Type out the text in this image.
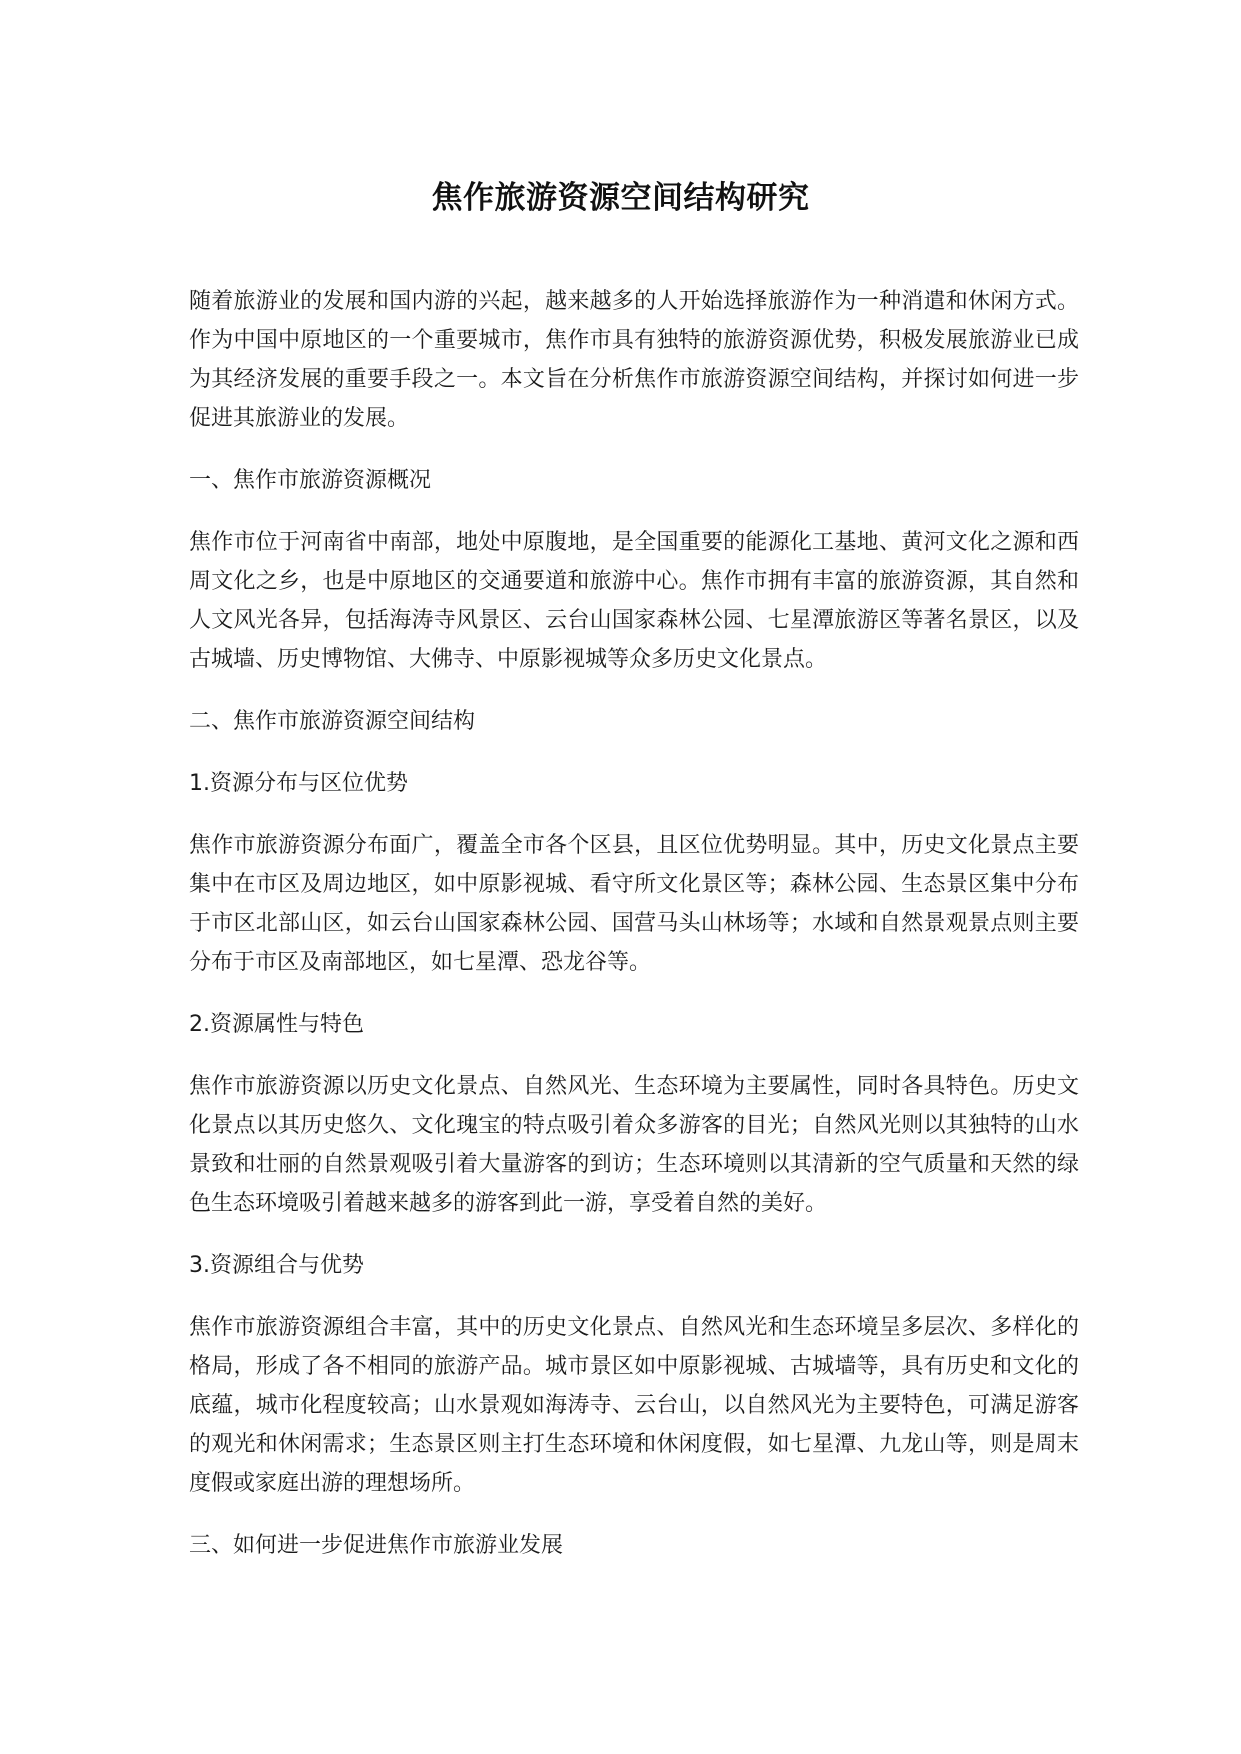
焦作旅游资源空间结构研究

随着旅游业的发展和国内游的兴起，越来越多的人开始选择旅游作为一种消遣和休闲方式。作为中国中原地区的一个重要城市，焦作市具有独特的旅游资源优势，积极发展旅游业已成为其经济发展的重要手段之一。本文旨在分析焦作市旅游资源空间结构，并探讨如何进一步促进其旅游业的发展。

一、焦作市旅游资源概况

焦作市位于河南省中南部，地处中原腹地，是全国重要的能源化工基地、黄河文化之源和西周文化之乡，也是中原地区的交通要道和旅游中心。焦作市拥有丰富的旅游资源，其自然和人文风光各异，包括海涛寺风景区、云台山国家森林公园、七星潭旅游区等著名景区，以及古城墙、历史博物馆、大佛寺、中原影视城等众多历史文化景点。

二、焦作市旅游资源空间结构

1.资源分布与区位优势

焦作市旅游资源分布面广，覆盖全市各个区县，且区位优势明显。其中，历史文化景点主要集中在市区及周边地区，如中原影视城、看守所文化景区等；森林公园、生态景区集中分布于市区北部山区，如云台山国家森林公园、国营马头山林场等；水域和自然景观景点则主要分布于市区及南部地区，如七星潭、恐龙谷等。

2.资源属性与特色

焦作市旅游资源以历史文化景点、自然风光、生态环境为主要属性，同时各具特色。历史文化景点以其历史悠久、文化瑰宝的特点吸引着众多游客的目光；自然风光则以其独特的山水景致和壮丽的自然景观吸引着大量游客的到访；生态环境则以其清新的空气质量和天然的绿色生态环境吸引着越来越多的游客到此一游，享受着自然的美好。

3.资源组合与优势

焦作市旅游资源组合丰富，其中的历史文化景点、自然风光和生态环境呈多层次、多样化的格局，形成了各不相同的旅游产品。城市景区如中原影视城、古城墙等，具有历史和文化的底蕴，城市化程度较高；山水景观如海涛寺、云台山，以自然风光为主要特色，可满足游客的观光和休闲需求；生态景区则主打生态环境和休闲度假，如七星潭、九龙山等，则是周末度假或家庭出游的理想场所。

三、如何进一步促进焦作市旅游业发展
